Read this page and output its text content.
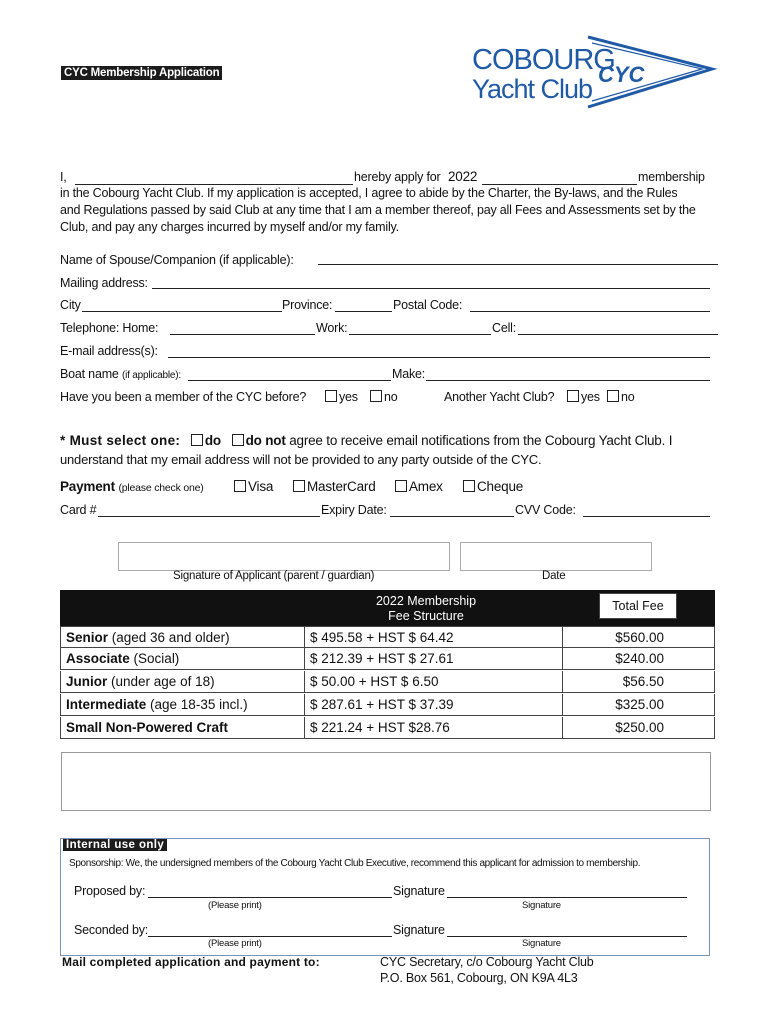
CYC Membership Application	COBOURG
Yacht Club CYC
I,	hereby apply for 2022	membership
in the Cobourg Yacht Club. If my application is accepted, I agree to abide by the Charter, the By-laws, and the Rules
and Regulations passed by said Club at any time that I am a member thereof, pay all Fees and Assessments set by the
Club, and pay any charges incurred by myself and/or my family.
Name of Spouse/Companion (if applicable):
Mailing address:
City	Province:	Postal Code:
Telephone: Home:	Work:	Cell:
E-mail address(s):
Boat name (if applicable):	Make:
Have you been a member of the CYC before?	yes	no	Another Yacht Club?	yes	no
* Must select one: do do not agree to receive email notifications from the Cobourg Yacht Club. I
understand that my email address will not be provided to any party outside of the CYC.
Payment (please check one)	Visa	MasterCard	Amex	Cheque
Card #	Expiry Date:	CVV Code:
Signature of Applicant (parent / guardian)	Date
2022 Membership
Fee Structure
Total Fee
Senior (aged 36 and older)	$ 495.58 + HST $ 64.42	$560.00
Associate (Social)	$ 212.39 + HST $ 27.61	$240.00
Junior (under age of 18)	$ 50.00 + HST $ 6.50	$56.50
Intermediate (age 18-35 incl.)	$ 287.61 + HST $ 37.39	$325.00
Small Non-Powered Craft	$ 221.24 + HST $28.76	$250.00
Internal use only
Sponsorship: We, the undersigned members of the Cobourg Yacht Club Executive, recommend this applicant for admission to membership.
Proposed by:	Signature
(Please print)	Signature
Seconded by:	Signature
(Please print)	Signature
Mail completed application and payment to:	CYC Secretary, c/o Cobourg Yacht Club
P.O. Box 561, Cobourg, ON K9A 4L3
